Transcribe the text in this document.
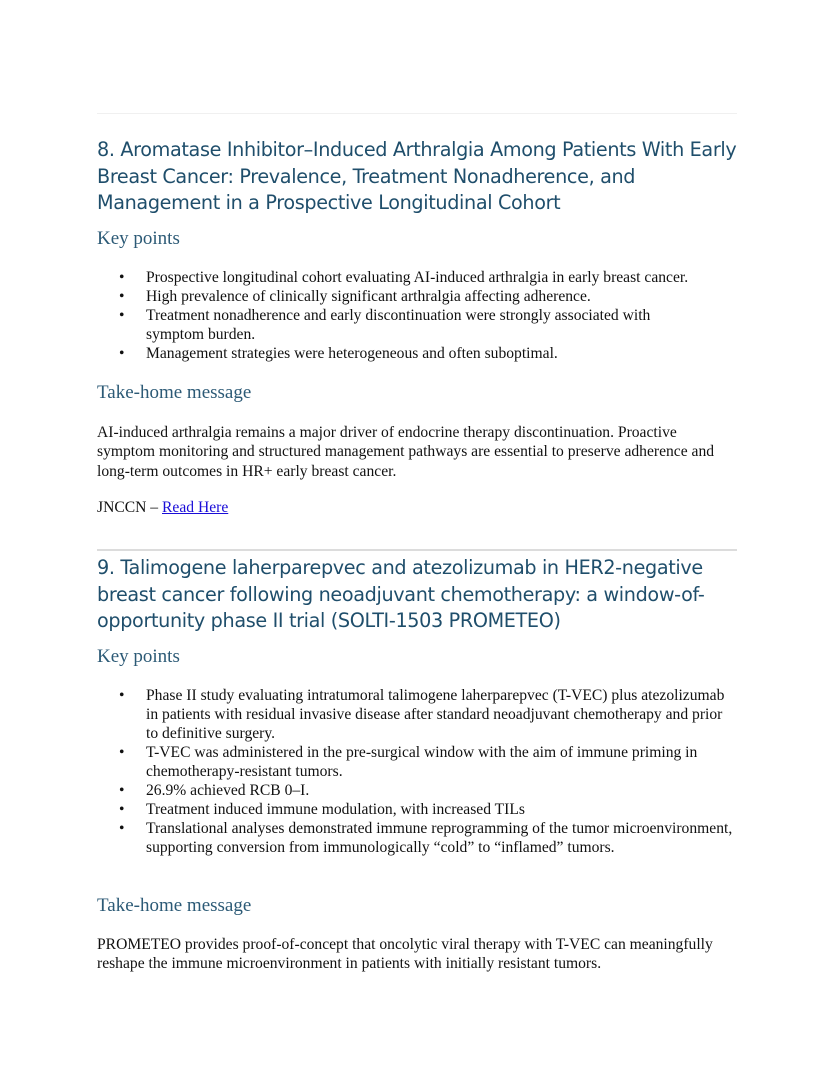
8. Aromatase Inhibitor–Induced Arthralgia Among Patients With Early Breast Cancer: Prevalence, Treatment Nonadherence, and Management in a Prospective Longitudinal Cohort
Key points
• Prospective longitudinal cohort evaluating AI-induced arthralgia in early breast cancer.
• High prevalence of clinically significant arthralgia affecting adherence.
• Treatment nonadherence and early discontinuation were strongly associated with symptom burden.
• Management strategies were heterogeneous and often suboptimal.
Take-home message

AI-induced arthralgia remains a major driver of endocrine therapy discontinuation. Proactive symptom monitoring and structured management pathways are essential to preserve adherence and long-term outcomes in HR+ early breast cancer.

JNCCN – Read Here

9. Talimogene laherparepvec and atezolizumab in HER2-negative breast cancer following neoadjuvant chemotherapy: a window-of-opportunity phase II trial (SOLTI-1503 PROMETEO)
Key points
• Phase II study evaluating intratumoral talimogene laherparepvec (T-VEC) plus atezolizumab in patients with residual invasive disease after standard neoadjuvant chemotherapy and prior to definitive surgery.
• T-VEC was administered in the pre-surgical window with the aim of immune priming in chemotherapy-resistant tumors.
• 26.9% achieved RCB 0–I.
• Treatment induced immune modulation, with increased TILs
• Translational analyses demonstrated immune reprogramming of the tumor microenvironment, supporting conversion from immunologically “cold” to “inflamed” tumors.
Take-home message

PROMETEO provides proof-of-concept that oncolytic viral therapy with T-VEC can meaningfully reshape the immune microenvironment in patients with initially resistant tumors.
